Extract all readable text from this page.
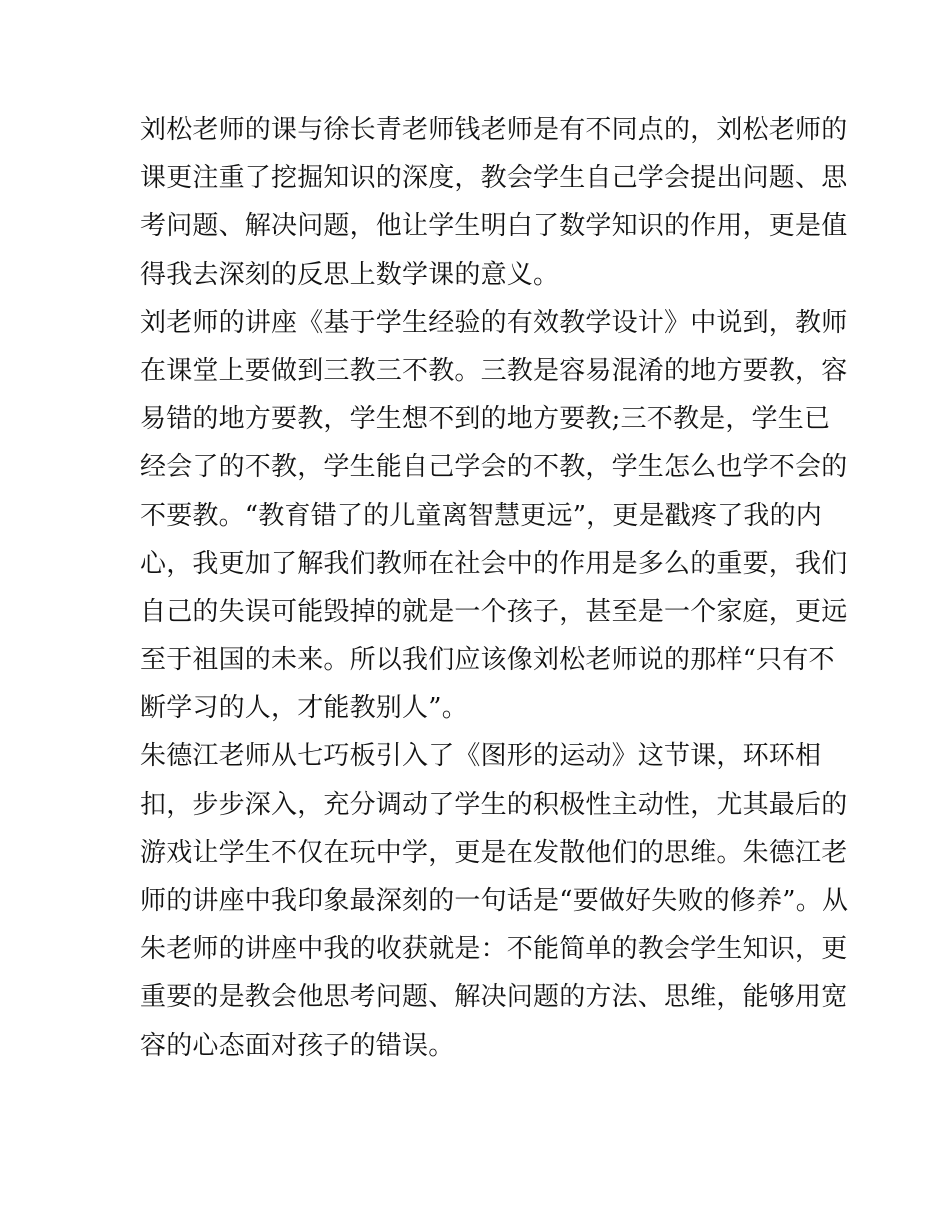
刘松老师的课与徐长青老师钱老师是有不同点的，刘松老师的
课更注重了挖掘知识的深度，教会学生自己学会提出问题、思
考问题、解决问题，他让学生明白了数学知识的作用，更是值
得我去深刻的反思上数学课的意义。
刘老师的讲座《基于学生经验的有效教学设计》中说到，教师
在课堂上要做到三教三不教。三教是容易混淆的地方要教，容
易错的地方要教，学生想不到的地方要教;三不教是，学生已
经会了的不教，学生能自己学会的不教，学生怎么也学不会的
不要教。“教育错了的儿童离智慧更远”，更是戳疼了我的内
心，我更加了解我们教师在社会中的作用是多么的重要，我们
自己的失误可能毁掉的就是一个孩子，甚至是一个家庭，更远
至于祖国的未来。所以我们应该像刘松老师说的那样“只有不
断学习的人，才能教别人”。
朱德江老师从七巧板引入了《图形的运动》这节课，环环相
扣，步步深入，充分调动了学生的积极性主动性，尤其最后的
游戏让学生不仅在玩中学，更是在发散他们的思维。朱德江老
师的讲座中我印象最深刻的一句话是“要做好失败的修养”。从
朱老师的讲座中我的收获就是：不能简单的教会学生知识，更
重要的是教会他思考问题、解决问题的方法、思维，能够用宽
容的心态面对孩子的错误。
